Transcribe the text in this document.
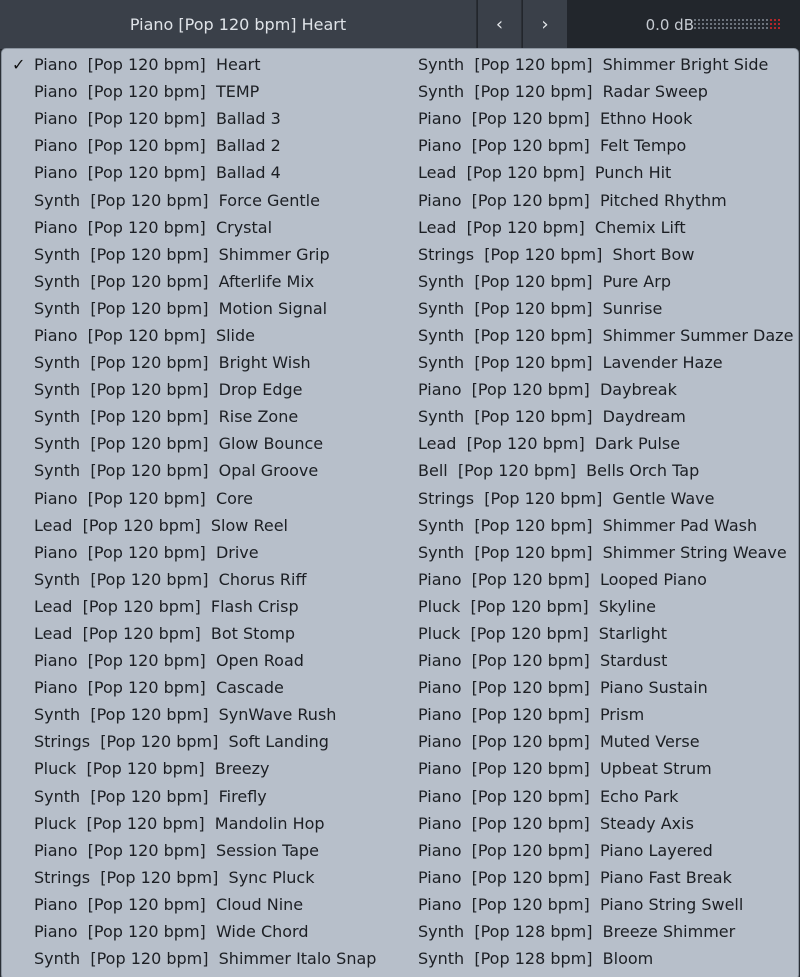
Piano [Pop 120 bpm] Heart	‹ ›	0.0 dB
✓ Piano  [Pop 120 bpm]  Heart
Piano  [Pop 120 bpm]  TEMP
Piano  [Pop 120 bpm]  Ballad 3
Piano  [Pop 120 bpm]  Ballad 2
Piano  [Pop 120 bpm]  Ballad 4
Synth  [Pop 120 bpm]  Force Gentle
Piano  [Pop 120 bpm]  Crystal
Synth  [Pop 120 bpm]  Shimmer Grip
Synth  [Pop 120 bpm]  Afterlife Mix
Synth  [Pop 120 bpm]  Motion Signal
Piano  [Pop 120 bpm]  Slide
Synth  [Pop 120 bpm]  Bright Wish
Synth  [Pop 120 bpm]  Drop Edge
Synth  [Pop 120 bpm]  Rise Zone
Synth  [Pop 120 bpm]  Glow Bounce
Synth  [Pop 120 bpm]  Opal Groove
Piano  [Pop 120 bpm]  Core
Lead  [Pop 120 bpm]  Slow Reel
Piano  [Pop 120 bpm]  Drive
Synth  [Pop 120 bpm]  Chorus Riff
Lead  [Pop 120 bpm]  Flash Crisp
Lead  [Pop 120 bpm]  Bot Stomp
Piano  [Pop 120 bpm]  Open Road
Piano  [Pop 120 bpm]  Cascade
Synth  [Pop 120 bpm]  SynWave Rush
Strings  [Pop 120 bpm]  Soft Landing
Pluck  [Pop 120 bpm]  Breezy
Synth  [Pop 120 bpm]  Firefly
Pluck  [Pop 120 bpm]  Mandolin Hop
Piano  [Pop 120 bpm]  Session Tape
Strings  [Pop 120 bpm]  Sync Pluck
Piano  [Pop 120 bpm]  Cloud Nine
Piano  [Pop 120 bpm]  Wide Chord
Synth  [Pop 120 bpm]  Shimmer Italo Snap
Synth  [Pop 120 bpm]  Shimmer Bright Side
Synth  [Pop 120 bpm]  Radar Sweep
Piano  [Pop 120 bpm]  Ethno Hook
Piano  [Pop 120 bpm]  Felt Tempo
Lead  [Pop 120 bpm]  Punch Hit
Piano  [Pop 120 bpm]  Pitched Rhythm
Lead  [Pop 120 bpm]  Chemix Lift
Strings  [Pop 120 bpm]  Short Bow
Synth  [Pop 120 bpm]  Pure Arp
Synth  [Pop 120 bpm]  Sunrise
Synth  [Pop 120 bpm]  Shimmer Summer Daze
Synth  [Pop 120 bpm]  Lavender Haze
Piano  [Pop 120 bpm]  Daybreak
Synth  [Pop 120 bpm]  Daydream
Lead  [Pop 120 bpm]  Dark Pulse
Bell  [Pop 120 bpm]  Bells Orch Tap
Strings  [Pop 120 bpm]  Gentle Wave
Synth  [Pop 120 bpm]  Shimmer Pad Wash
Synth  [Pop 120 bpm]  Shimmer String Weave
Piano  [Pop 120 bpm]  Looped Piano
Pluck  [Pop 120 bpm]  Skyline
Pluck  [Pop 120 bpm]  Starlight
Piano  [Pop 120 bpm]  Stardust
Piano  [Pop 120 bpm]  Piano Sustain
Piano  [Pop 120 bpm]  Prism
Piano  [Pop 120 bpm]  Muted Verse
Piano  [Pop 120 bpm]  Upbeat Strum
Piano  [Pop 120 bpm]  Echo Park
Piano  [Pop 120 bpm]  Steady Axis
Piano  [Pop 120 bpm]  Piano Layered
Piano  [Pop 120 bpm]  Piano Fast Break
Piano  [Pop 120 bpm]  Piano String Swell
Synth  [Pop 128 bpm]  Breeze Shimmer
Synth  [Pop 128 bpm]  Bloom
